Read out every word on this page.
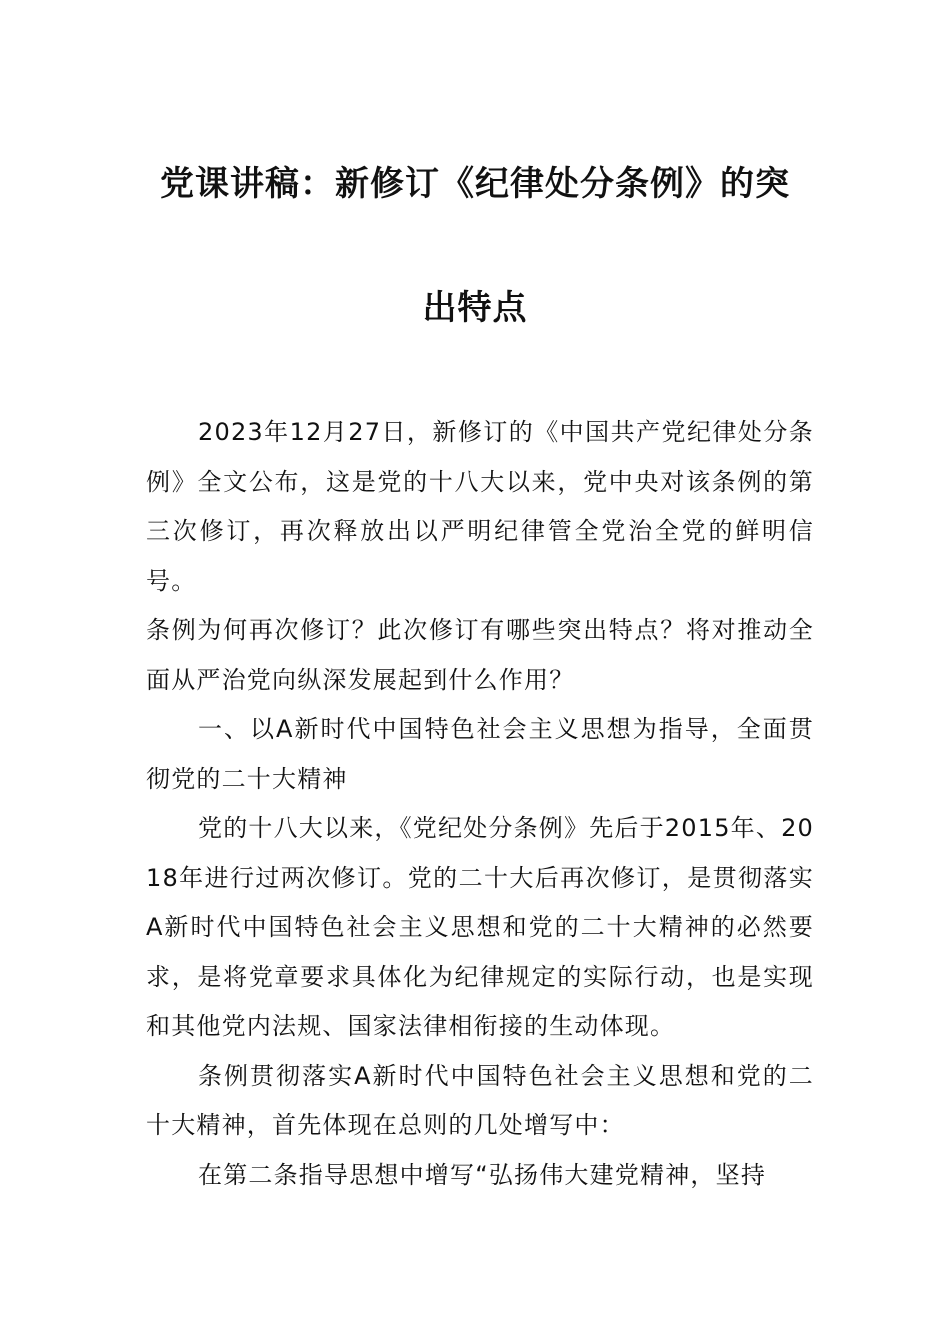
党课讲稿：新修订《纪律处分条例》的突
出特点

2023年12月27日，新修订的《中国共产党纪律处分条例》全文公布，这是党的十八大以来，党中央对该条例的第三次修订，再次释放出以严明纪律管全党治全党的鲜明信号。

条例为何再次修订？此次修订有哪些突出特点？将对推动全面从严治党向纵深发展起到什么作用？

一、以A新时代中国特色社会主义思想为指导，全面贯彻党的二十大精神

党的十八大以来，《党纪处分条例》先后于2015年、2018年进行过两次修订。党的二十大后再次修订，是贯彻落实A新时代中国特色社会主义思想和党的二十大精神的必然要求，是将党章要求具体化为纪律规定的实际行动，也是实现和其他党内法规、国家法律相衔接的生动体现。

条例贯彻落实A新时代中国特色社会主义思想和党的二十大精神，首先体现在总则的几处增写中：

在第二条指导思想中增写“弘扬伟大建党精神，坚持
